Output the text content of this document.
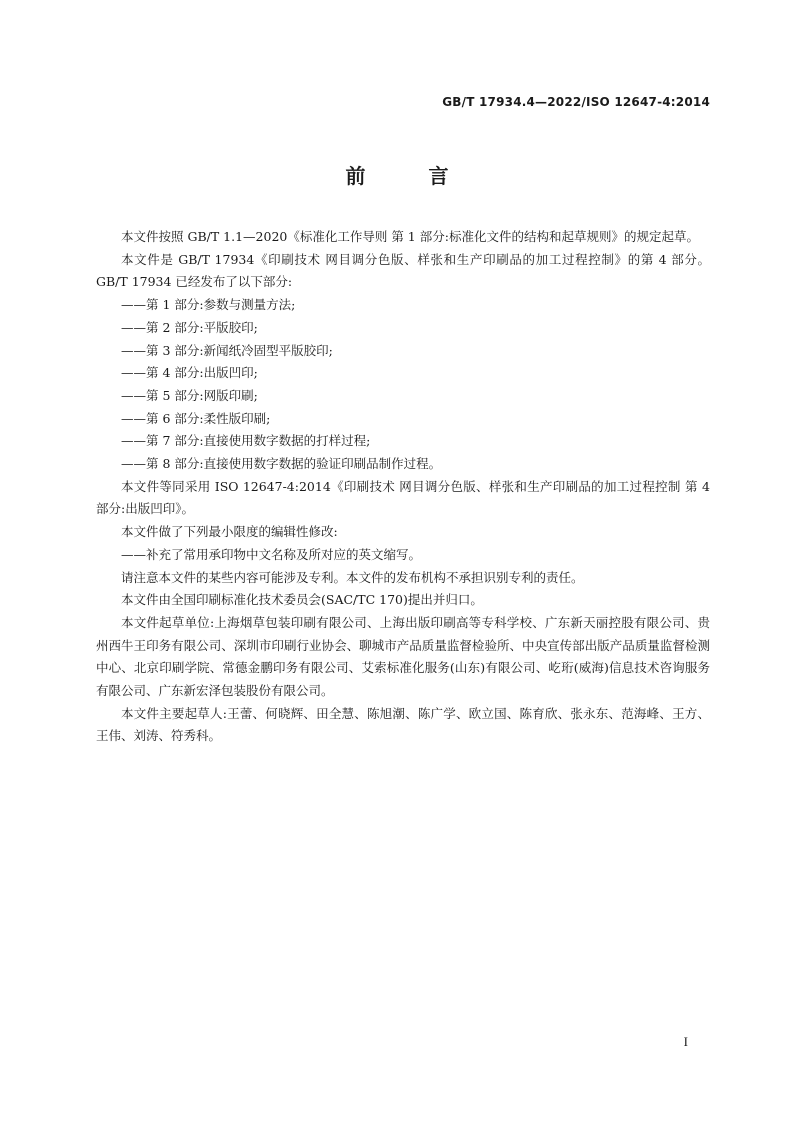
GB/T 17934.4—2022/ISO 12647-4:2014
前 言

本文件按照 GB/T 1.1—2020《标准化工作导则 第 1 部分:标准化文件的结构和起草规则》的规定起草。

本文件是 GB/T 17934《印刷技术 网目调分色版、样张和生产印刷品的加工过程控制》的第 4 部分。GB/T 17934 已经发布了以下部分:

——第 1 部分:参数与测量方法;

——第 2 部分:平版胶印;

——第 3 部分:新闻纸冷固型平版胶印;

——第 4 部分:出版凹印;

——第 5 部分:网版印刷;

——第 6 部分:柔性版印刷;

——第 7 部分:直接使用数字数据的打样过程;

——第 8 部分:直接使用数字数据的验证印刷品制作过程。

本文件等同采用 ISO 12647-4:2014《印刷技术 网目调分色版、样张和生产印刷品的加工过程控制 第 4 部分:出版凹印》。

本文件做了下列最小限度的编辑性修改:

——补充了常用承印物中文名称及所对应的英文缩写。

请注意本文件的某些内容可能涉及专利。本文件的发布机构不承担识别专利的责任。

本文件由全国印刷标准化技术委员会(SAC/TC 170)提出并归口。

本文件起草单位:上海烟草包装印刷有限公司、上海出版印刷高等专科学校、广东新天丽控股有限公司、贵州西牛王印务有限公司、深圳市印刷行业协会、聊城市产品质量监督检验所、中央宣传部出版产品质量监督检测中心、北京印刷学院、常德金鹏印务有限公司、艾索标准化服务(山东)有限公司、屹珩(威海)信息技术咨询服务有限公司、广东新宏泽包装股份有限公司。

本文件主要起草人:王蕾、何晓辉、田全慧、陈旭潮、陈广学、欧立国、陈育欣、张永东、范海峰、王方、王伟、刘涛、符秀科。

I
